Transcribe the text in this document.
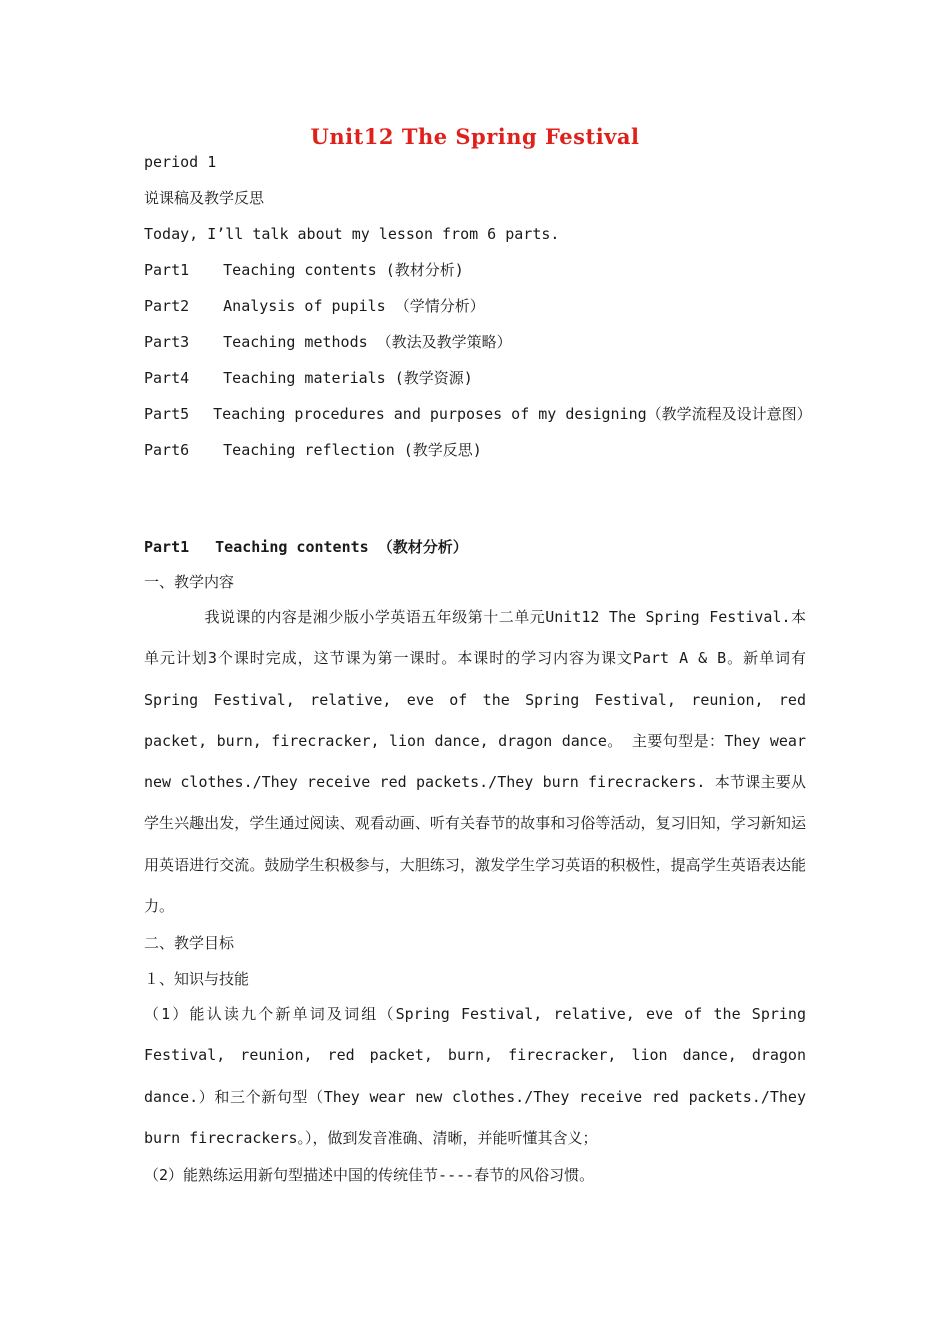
Unit12 The Spring Festival
period 1
说课稿及教学反思
Today, I’ll talk about my lesson from 6 parts.
Part1 Teaching contents (教材分析)
Part2 Analysis of pupils （学情分析）
Part3 Teaching methods （教法及教学策略）
Part4 Teaching materials (教学资源)
Part5 Teaching procedures and purposes of my designing（教学流程及设计意图）
Part6 Teaching reflection (教学反思)
Part1 Teaching contents （教材分析）
一、教学内容
我说课的内容是湘少版小学英语五年级第十二单元Unit12 The Spring Festival.本单元计划3个课时完成，这节课为第一课时。本课时的学习内容为课文Part A & B。新单词有Spring Festival, relative, eve of the Spring Festival, reunion, red packet, burn, firecracker, lion dance, dragon dance。 主要句型是：They wear new clothes./They receive red packets./They burn firecrackers. 本节课主要从学生兴趣出发，学生通过阅读、观看动画、听有关春节的故事和习俗等活动，复习旧知，学习新知运用英语进行交流。鼓励学生积极参与，大胆练习，激发学生学习英语的积极性，提高学生英语表达能力。
二、教学目标
１、知识与技能
（1）能认读九个新单词及词组（Spring Festival, relative, eve of the Spring Festival, reunion, red packet, burn, firecracker, lion dance, dragon dance.）和三个新句型（They wear new clothes./They receive red packets./They burn firecrackers。），做到发音准确、清晰，并能听懂其含义；
（2）能熟练运用新句型描述中国的传统佳节----春节的风俗习惯。
